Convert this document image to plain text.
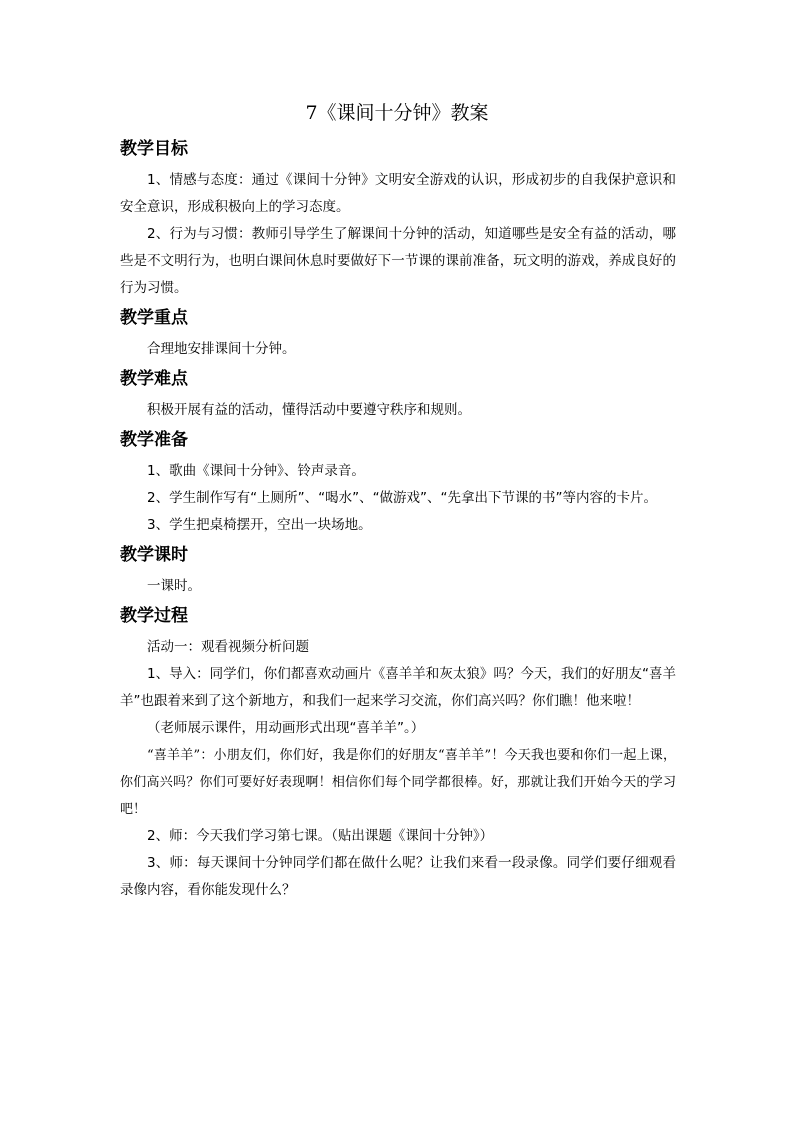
7《课间十分钟》教案
教学目标

1、情感与态度：通过《课间十分钟》文明安全游戏的认识，形成初步的自我保护意识和安全意识，形成积极向上的学习态度。

2、行为与习惯：教师引导学生了解课间十分钟的活动，知道哪些是安全有益的活动，哪些是不文明行为，也明白课间休息时要做好下一节课的课前准备，玩文明的游戏，养成良好的行为习惯。

教学重点

合理地安排课间十分钟。

教学难点

积极开展有益的活动，懂得活动中要遵守秩序和规则。

教学准备

1、歌曲《课间十分钟》、铃声录音。

2、学生制作写有“上厕所”、“喝水”、“做游戏”、“先拿出下节课的书”等内容的卡片。

3、学生把桌椅摆开，空出一块场地。

教学课时

一课时。

教学过程

活动一：观看视频分析问题

1、导入：同学们，你们都喜欢动画片《喜羊羊和灰太狼》吗？今天，我们的好朋友“喜羊羊”也跟着来到了这个新地方，和我们一起来学习交流，你们高兴吗？你们瞧！他来啦！

（老师展示课件，用动画形式出现“喜羊羊”。）

“喜羊羊”：小朋友们，你们好，我是你们的好朋友“喜羊羊”！今天我也要和你们一起上课，你们高兴吗？你们可要好好表现啊！相信你们每个同学都很棒。好，那就让我们开始今天的学习吧！

2、师：今天我们学习第七课。（贴出课题《课间十分钟》）

3、师：每天课间十分钟同学们都在做什么呢？让我们来看一段录像。同学们要仔细观看录像内容，看你能发现什么？
